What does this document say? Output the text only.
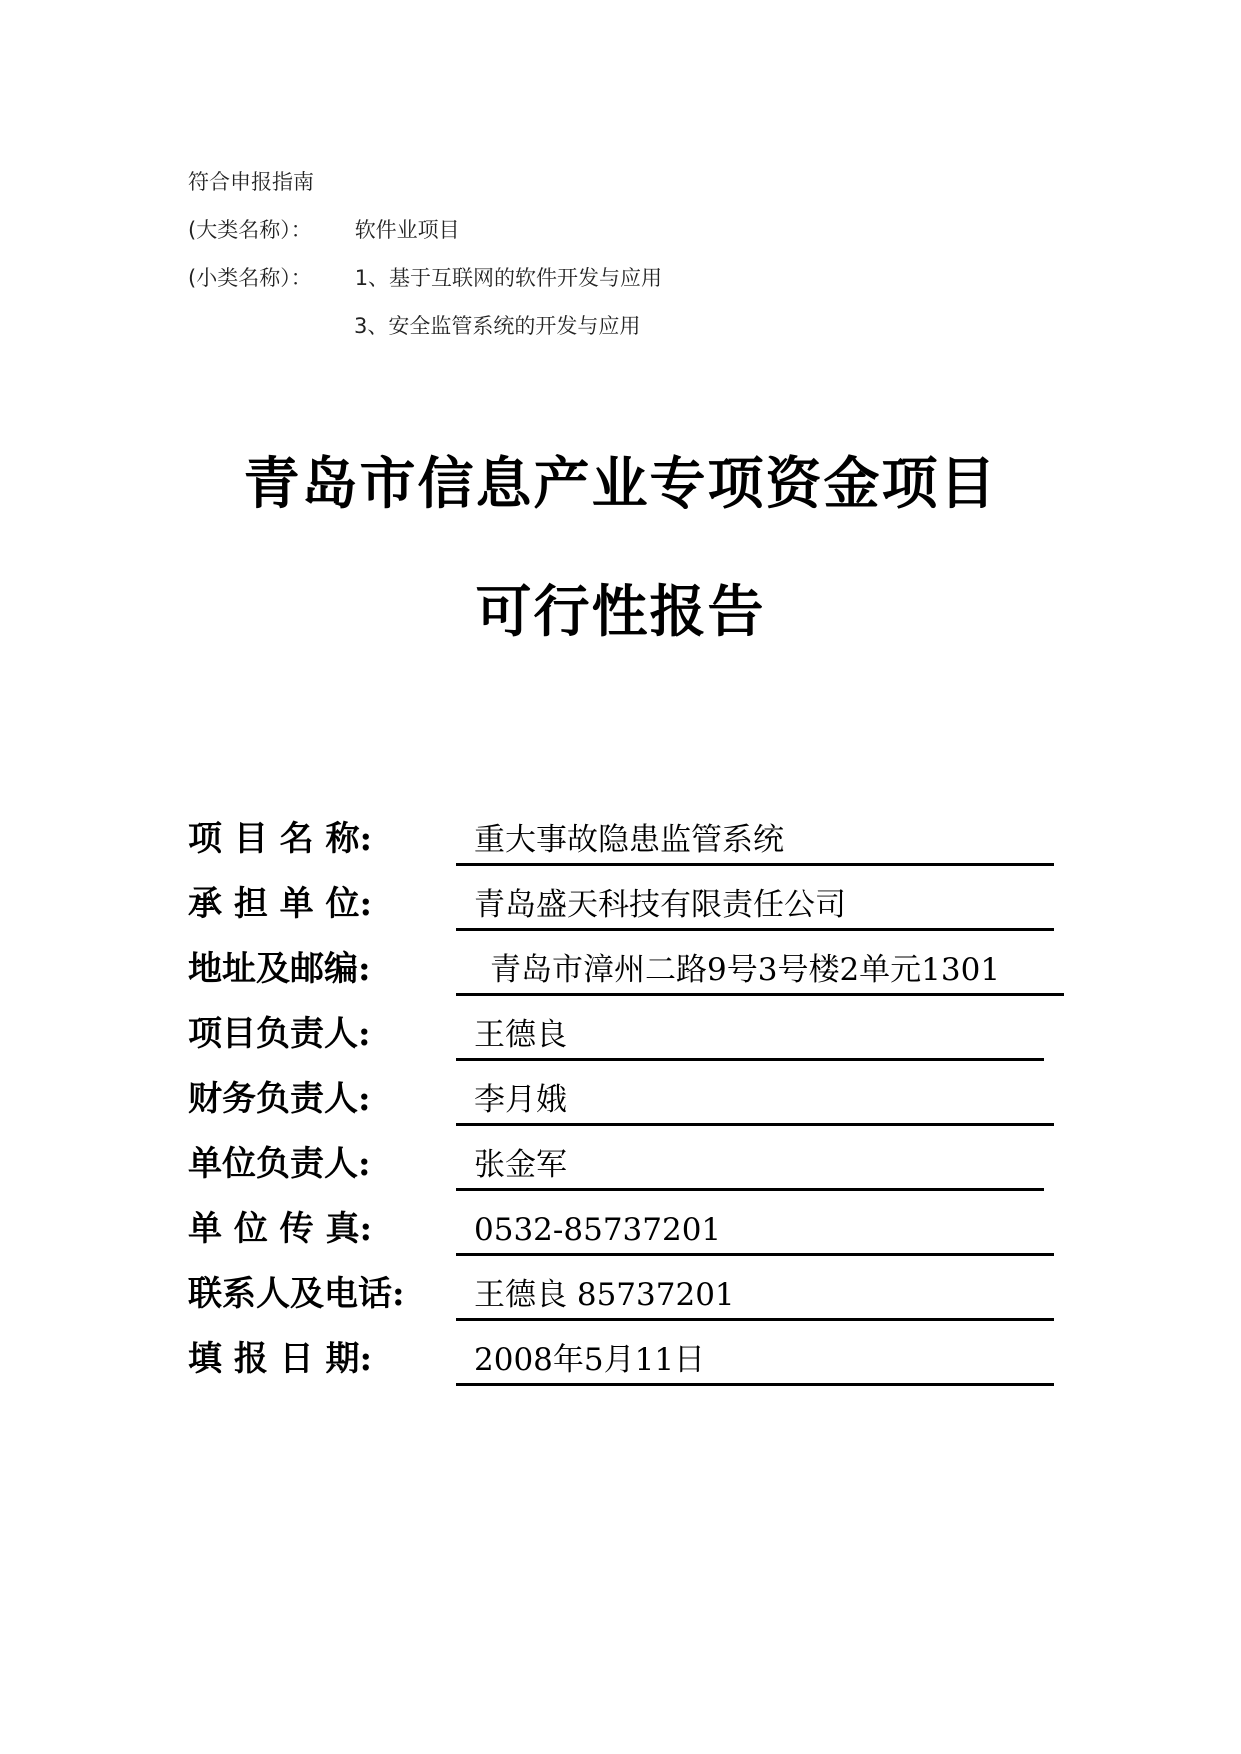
符合申报指南
(大类名称）： 软件业项目
(小类名称）： 1、基于互联网的软件开发与应用
3、安全监管系统的开发与应用
青岛市信息产业专项资金项目
可行性报告
项 目 名 称:	重大事故隐患监管系统
承 担 单 位:	青岛盛天科技有限责任公司
地址及邮编:	青岛市漳州二路9号3号楼2单元1301
项目负责人:	王德良
财务负责人:	李月娥
单位负责人:	张金军
单 位 传 真:	0532-85737201
联系人及电话:	王德良 85737201
填 报 日 期:	2008年5月11日
